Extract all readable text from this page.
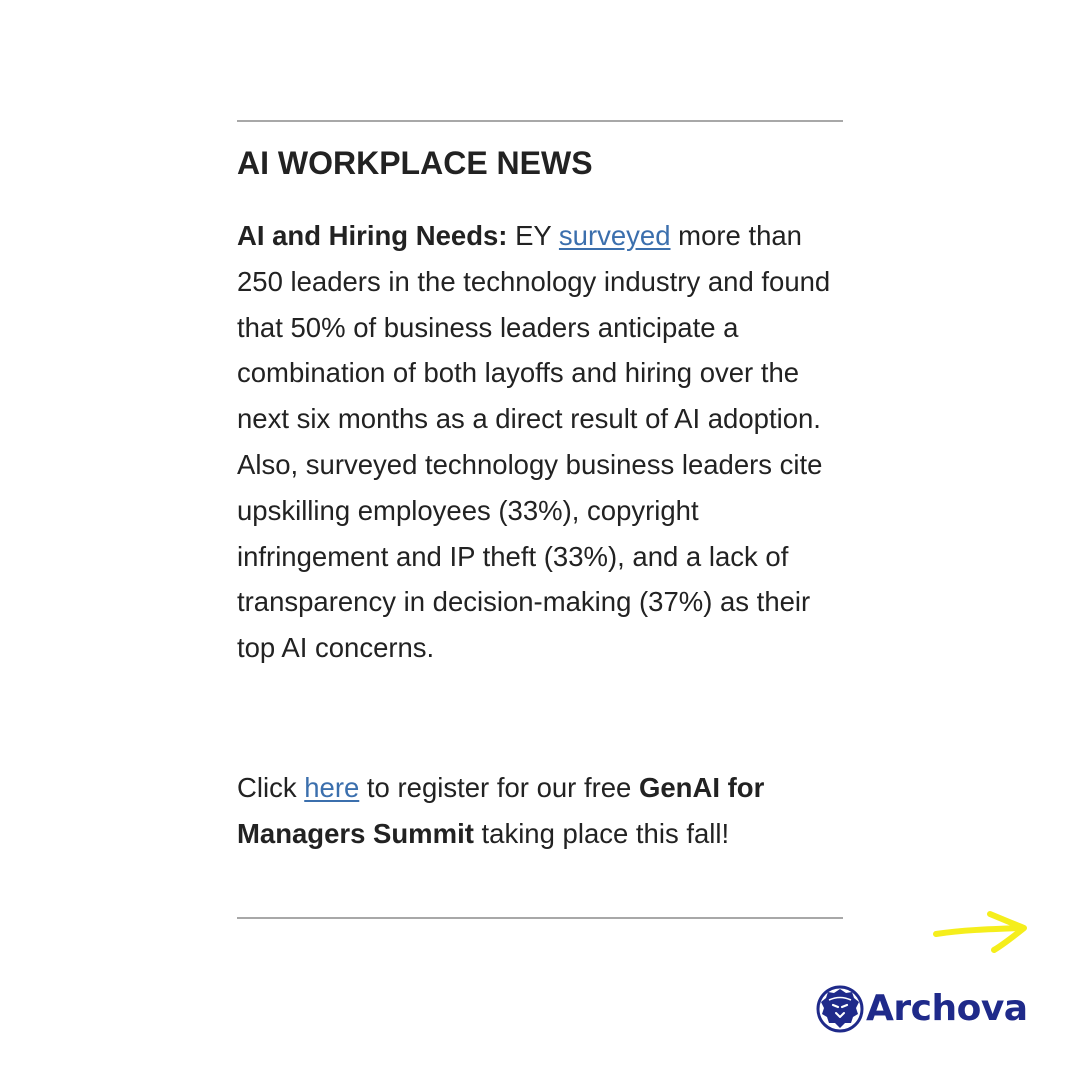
AI WORKPLACE NEWS

AI and Hiring Needs: EY surveyed more than 250 leaders in the technology industry and found that 50% of business leaders anticipate a combination of both layoffs and hiring over the next six months as a direct result of AI adoption. Also, surveyed technology business leaders cite upskilling employees (33%), copyright infringement and IP theft (33%), and a lack of transparency in decision-making (37%) as their top AI concerns.

Click here to register for our free GenAI for Managers Summit taking place this fall!

Archova
